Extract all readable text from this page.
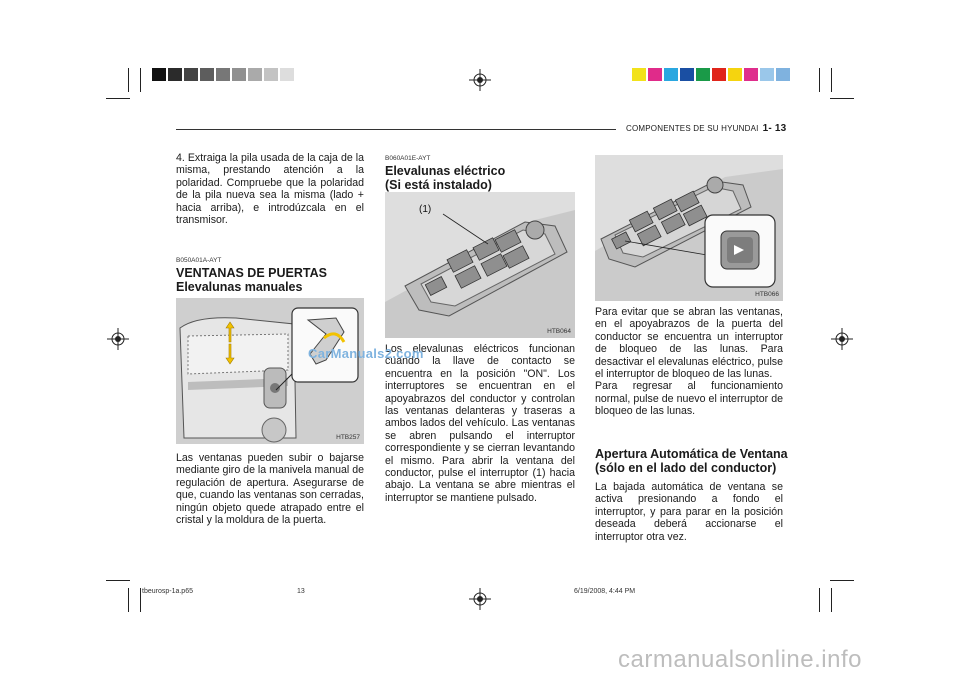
COMPONENTES DE SU HYUNDAI 1- 13
4. Extraiga la pila usada de la caja de la misma, prestando atención a la polaridad. Compruebe que la polaridad de la pila nueva sea la misma (lado + hacia arriba), e introdúzcala en el transmisor.
B050A01A-AYT
VENTANAS DE PUERTAS
Elevalunas manuales
HTB257
Las ventanas pueden subir o bajarse mediante giro de la manivela manual de regulación de apertura. Asegurarse de que, cuando las ventanas son cerradas, ningún objeto quede atrapado entre el cristal y la moldura de la puerta.
B060A01E-AYT
Elevalunas eléctrico
(Si está instalado)
(1)
HTB064
Los elevalunas eléctricos funcionan cuando la llave de contacto se encuentra en la posición "ON". Los interruptores se encuentran en el apoyabrazos del conductor y controlan las ventanas delanteras y traseras a ambos lados del vehículo. Las ventanas se abren pulsando el interruptor correspondiente y se cierran levantando el mismo. Para abrir la ventana del conductor, pulse el interruptor (1) hacia abajo. La ventana se abre mientras el interruptor se mantiene pulsado.
HTB066
Para evitar que se abran las ventanas, en el apoyabrazos de la puerta del conductor se encuentra un interruptor de bloqueo de las lunas. Para desactivar el elevalunas eléctrico, pulse el interruptor de bloqueo de las lunas.
Para regresar al funcionamiento normal, pulse de nuevo el interruptor de bloqueo de las lunas.
Apertura Automática de Ventana
(sólo en el lado del conductor)
La bajada automática de ventana se activa presionando a fondo el interruptor, y para parar en la posición deseada deberá accionarse el interruptor otra vez.
tbeurosp-1a.p65	13	6/19/2008, 4:44 PM
CarManuals2.com
carmanualsonline.info
